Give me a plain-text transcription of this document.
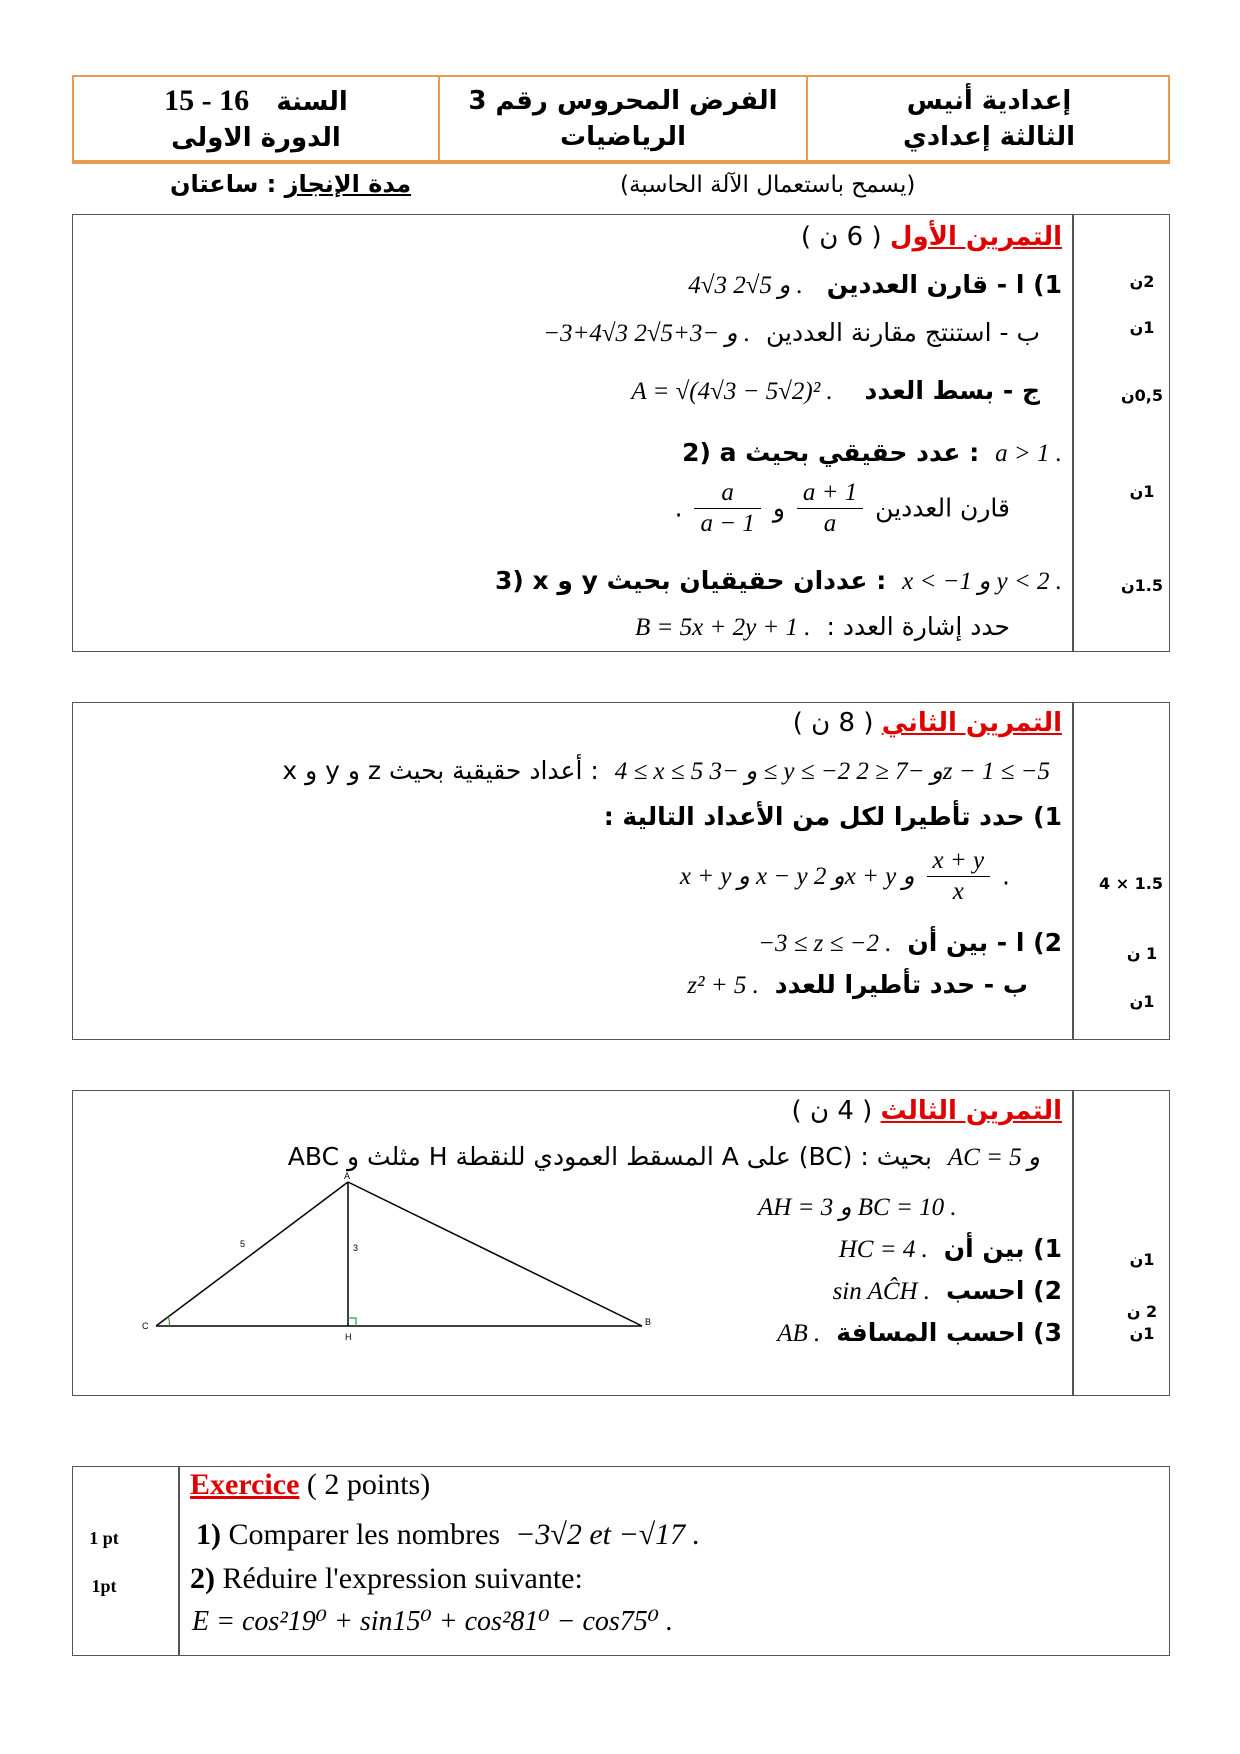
إعدادية أنيس
الثالثة إعدادي
الفرض المحروس رقم 3
الرياضيات
السنة   15 - 16
الدورة الاولى
مدة الإنجاز : ساعتان	(يسمح باستعمال الآلة الحاسبة)
التمرين الأول ( 6 ن )
1) ا - قارن العددين   4√3 و 5√2 .
ب - استنتج مقارنة العددين  −3+4√3 و −3+5√2 .
ج - بسط العدد    A = √(4√3 − 5√2)² .
2) a عدد حقيقي بحيث : a > 1 .
قارن العددين
$\frac{a + 1}{a}$
و
$\frac{a}{a - 1}$
.
3) x و y عددان حقيقيان بحيث : x < −1 و y < 2 .
حدد إشارة العدد :  B = 5x + 2y + 1 .
2ن
1ن
0,5ن
1ن
1.5ن
التمرين الثاني ( 8 ن )
x و y و z أعداد حقيقية بحيث : 4 ≤ x ≤ 5 و −3 ≤ y ≤ −2 و −7 ≤ 2z − 1 ≤ −5
1) حدد تأطيرا لكل من الأعداد التالية :
x + y و x − y و 2x + y و $\frac{x + y}{x}$ .
2) ا - بين أن  −3 ≤ z ≤ −2 .
ب - حدد تأطيرا للعدد  z² + 5 .
4 × 1.5
1 ن
1ن
التمرين الثالث ( 4 ن )
ABC مثلث و H المسقط العمودي للنقطة A على (BC) : بحيث AC = 5 و
AH = 3 و BC = 10 .
1) بين أن  HC = 4 .
2) احسب  sin AĈH .
3) احسب المسافة  AB .
1ن
2 ن
1ن
A
B
C
H
5	3
Exercice ( 2 points)
1) Comparer les nombres −3√2 et −√17 .
2) Réduire l'expression suivante:
E = cos²19⁰ + sin15⁰ + cos²81⁰ − cos75⁰ .
1 pt
1pt
